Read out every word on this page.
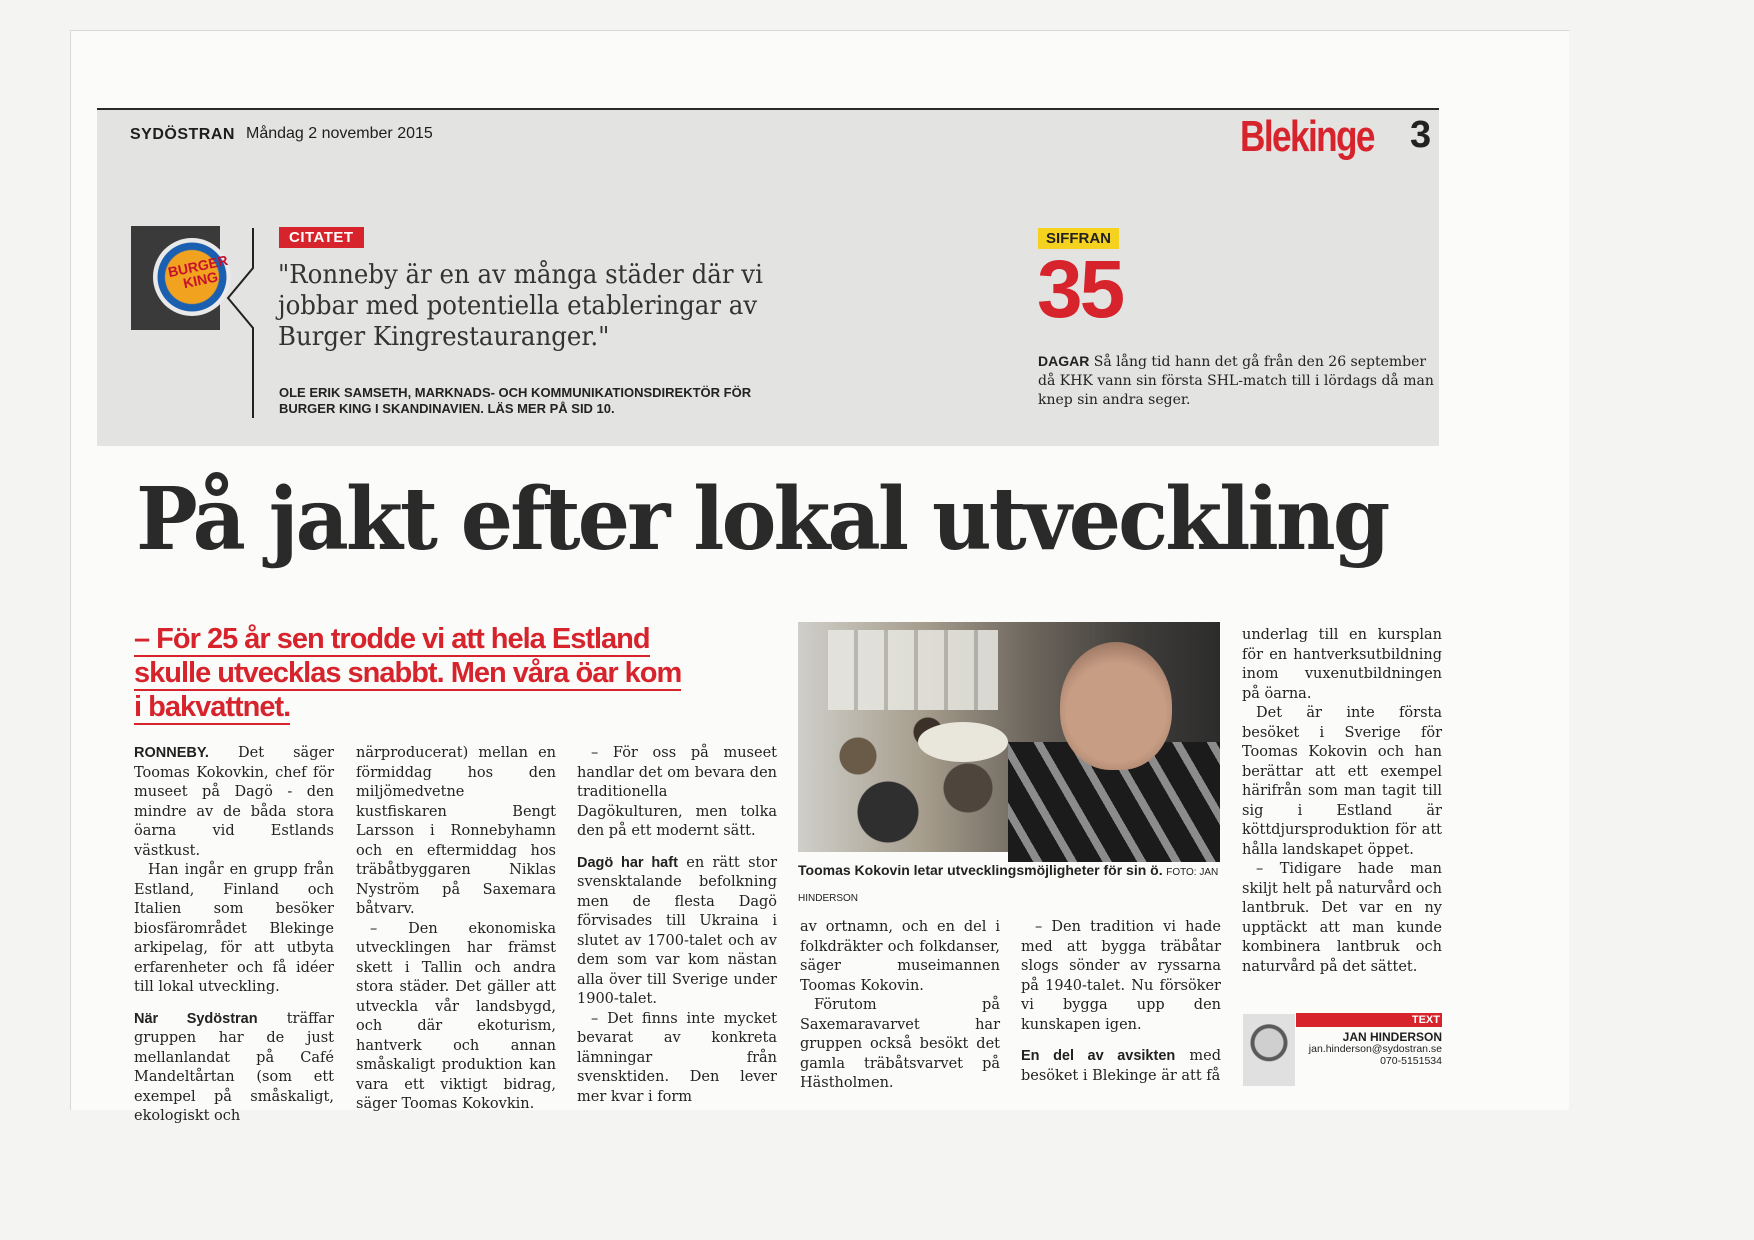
SYDÖSTRAN Måndag 2 november 2015	Blekinge 3
BURGER KING
CITATET
"Ronneby är en av många städer där vi jobbar med potentiella etableringar av Burger Kingrestauranger."
OLE ERIK SAMSETH, MARKNADS- OCH KOMMUNIKATIONSDIREKTÖR FÖR BURGER KING I SKANDINAVIEN. LÄS MER PÅ SID 10.
SIFFRAN
35
DAGAR Så lång tid hann det gå från den 26 september då KHK vann sin första SHL-match till i lördags då man knep sin andra seger.
På jakt efter lokal utveckling
– För 25 år sen trodde vi att hela Estland skulle utvecklas snabbt. Men våra öar kom i bakvattnet.

RONNEBY. Det säger Toomas Kokovkin, chef för museet på Dagö - den mindre av de båda stora öarna vid Estlands västkust.

Han ingår en grupp från Estland, Finland och Italien som besöker biosfärområdet Blekinge arkipelag, för att utbyta erfarenheter och få idéer till lokal utveckling.

När Sydöstran träffar gruppen har de just mellanlandat på Café Mandeltårtan (som ett exempel på småskaligt, ekologiskt och

närproducerat) mellan en förmiddag hos den miljömedvetne kustfiskaren Bengt Larsson i Ronnebyhamn och en eftermiddag hos träbåtbyggaren Niklas Nyström på Saxemara båtvarv.

– Den ekonomiska utvecklingen har främst skett i Tallin och andra stora städer. Det gäller att utveckla vår landsbygd, och där ekoturism, hantverk och annan småskaligt produktion kan vara ett viktigt bidrag, säger Toomas Kokovkin.

– För oss på museet handlar det om bevara den traditionella Dagökulturen, men tolka den på ett modernt sätt.

Dagö har haft en rätt stor svensktalande befolkning men de flesta Dagö förvisades till Ukraina i slutet av 1700-talet och av dem som var kom nästan alla över till Sverige under 1900-talet.

– Det finns inte mycket bevarat av konkreta lämningar från svensktiden. Den lever mer kvar i form

Toomas Kokovin letar utvecklingsmöjligheter för sin ö. FOTO: JAN HINDERSON

av ortnamn, och en del i folkdräkter och folkdanser, säger museimannen Toomas Kokovin.

Förutom på Saxemaravarvet har gruppen också besökt det gamla träbåtsvarvet på Hästholmen.

– Den tradition vi hade med att bygga träbåtar slogs sönder av ryssarna på 1940-talet. Nu försöker vi bygga upp den kunskapen igen.

En del av avsikten med besöket i Blekinge är att få

underlag till en kursplan för en hantverksutbildning inom vuxenutbildningen på öarna.

Det är inte första besöket i Sverige för Toomas Kokovin och han berättar att ett exempel härifrån som man tagit till sig i Estland är köttdjursproduktion för att hålla landskapet öppet.

– Tidigare hade man skiljt helt på naturvård och lantbruk. Det var en ny upptäckt att man kunde kombinera lantbruk och naturvård på det sättet.

TEXT
JAN HINDERSON
jan.hinderson@sydostran.se
070-5151534
